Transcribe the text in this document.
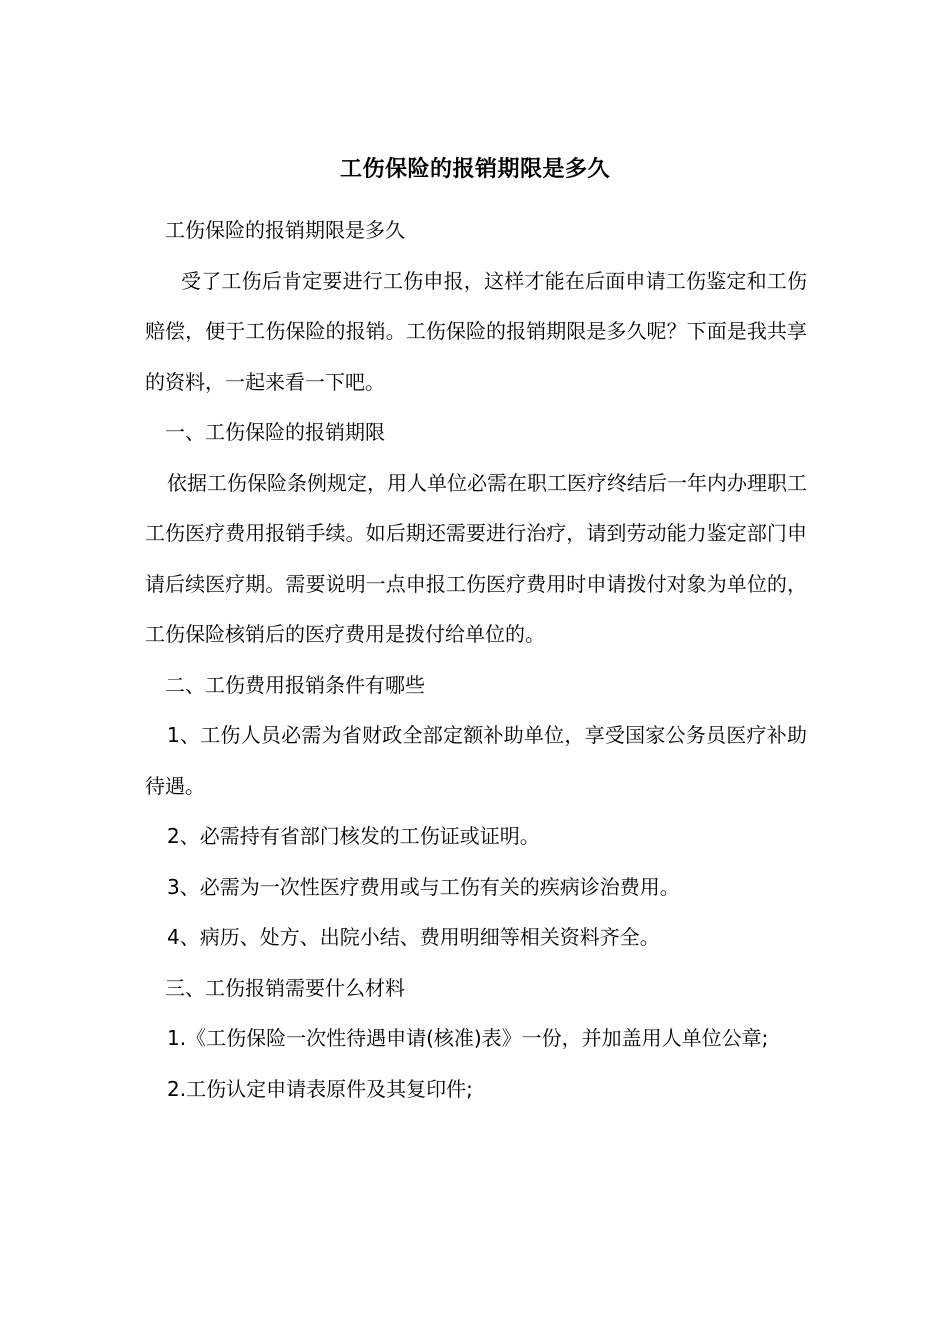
工伤保险的报销期限是多久

工伤保险的报销期限是多久

受了工伤后肯定要进行工伤申报，这样才能在后面申请工伤鉴定和工伤赔偿，便于工伤保险的报销。工伤保险的报销期限是多久呢？下面是我共享的资料，一起来看一下吧。

一、工伤保险的报销期限

依据工伤保险条例规定，用人单位必需在职工医疗终结后一年内办理职工工伤医疗费用报销手续。如后期还需要进行治疗，请到劳动能力鉴定部门申请后续医疗期。需要说明一点申报工伤医疗费用时申请拨付对象为单位的，工伤保险核销后的医疗费用是拨付给单位的。

二、工伤费用报销条件有哪些

1、工伤人员必需为省财政全部定额补助单位，享受国家公务员医疗补助待遇。

2、必需持有省部门核发的工伤证或证明。

3、必需为一次性医疗费用或与工伤有关的疾病诊治费用。

4、病历、处方、出院小结、费用明细等相关资料齐全。

三、工伤报销需要什么材料

1.《工伤保险一次性待遇申请(核准)表》一份，并加盖用人单位公章;

2.工伤认定申请表原件及其复印件;
